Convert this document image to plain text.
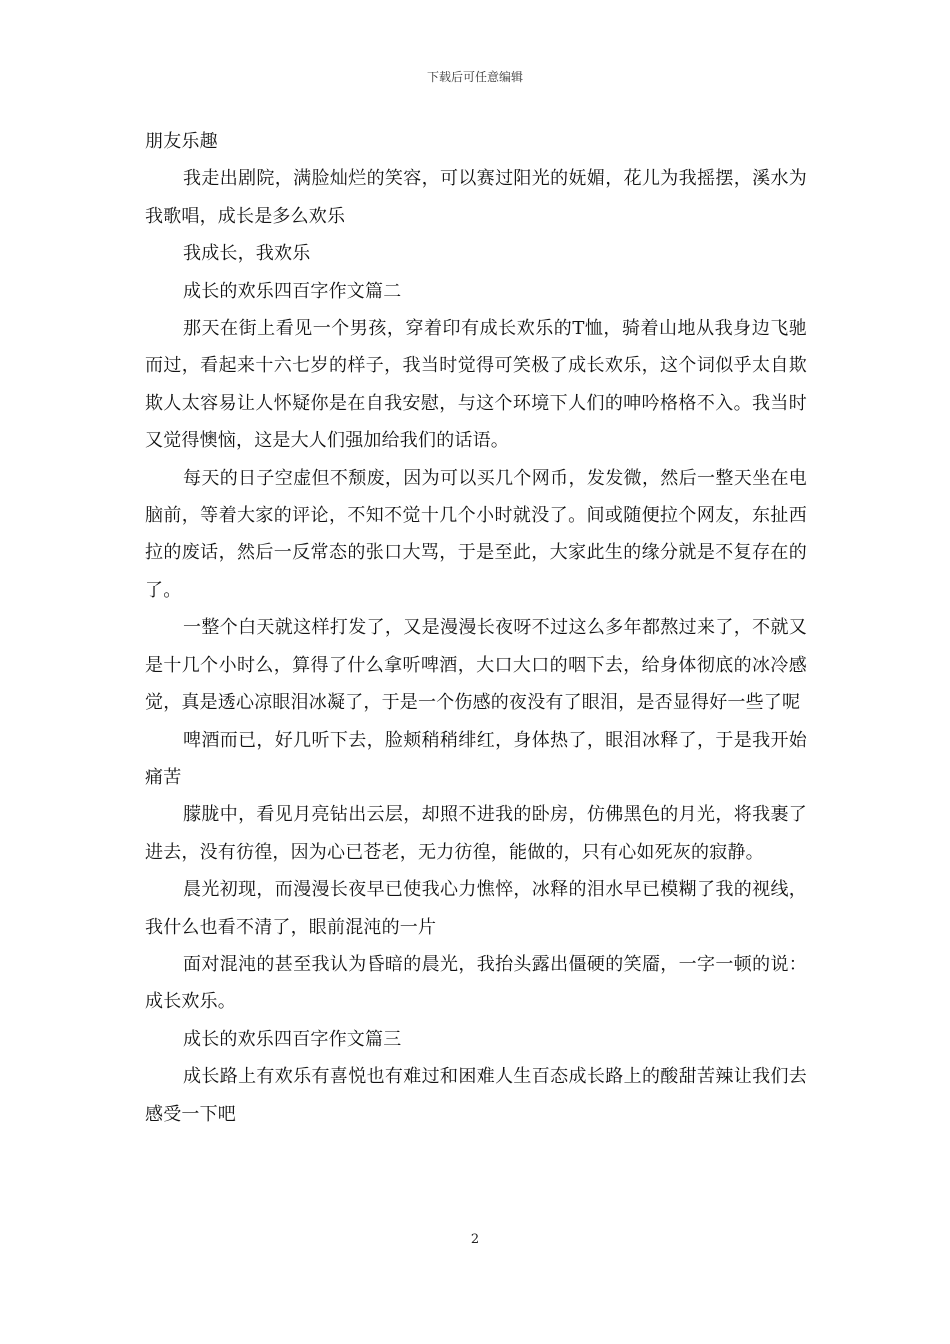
下载后可任意编辑

朋友乐趣

我走出剧院，满脸灿烂的笑容，可以赛过阳光的妩媚，花儿为我摇摆，溪水为我歌唱，成长是多么欢乐

我成长，我欢乐

成长的欢乐四百字作文篇二

那天在街上看见一个男孩，穿着印有成长欢乐的T恤，骑着山地从我身边飞驰而过，看起来十六七岁的样子，我当时觉得可笑极了成长欢乐，这个词似乎太自欺欺人太容易让人怀疑你是在自我安慰，与这个环境下人们的呻吟格格不入。我当时又觉得懊恼，这是大人们强加给我们的话语。

每天的日子空虚但不颓废，因为可以买几个网币，发发微，然后一整天坐在电脑前，等着大家的评论，不知不觉十几个小时就没了。间或随便拉个网友，东扯西拉的废话，然后一反常态的张口大骂，于是至此，大家此生的缘分就是不复存在的了。

一整个白天就这样打发了，又是漫漫长夜呀不过这么多年都熬过来了，不就又是十几个小时么，算得了什么拿听啤酒，大口大口的咽下去，给身体彻底的冰冷感觉，真是透心凉眼泪冰凝了，于是一个伤感的夜没有了眼泪，是否显得好一些了呢

啤酒而已，好几听下去，脸颊稍稍绯红，身体热了，眼泪冰释了，于是我开始痛苦

朦胧中，看见月亮钻出云层，却照不进我的卧房，仿佛黑色的月光，将我裹了进去，没有彷徨，因为心已苍老，无力彷徨，能做的，只有心如死灰的寂静。

晨光初现，而漫漫长夜早已使我心力憔悴，冰释的泪水早已模糊了我的视线，我什么也看不清了，眼前混沌的一片

面对混沌的甚至我认为昏暗的晨光，我抬头露出僵硬的笑靥，一字一顿的说：成长欢乐。

成长的欢乐四百字作文篇三

成长路上有欢乐有喜悦也有难过和困难人生百态成长路上的酸甜苦辣让我们去感受一下吧

2
